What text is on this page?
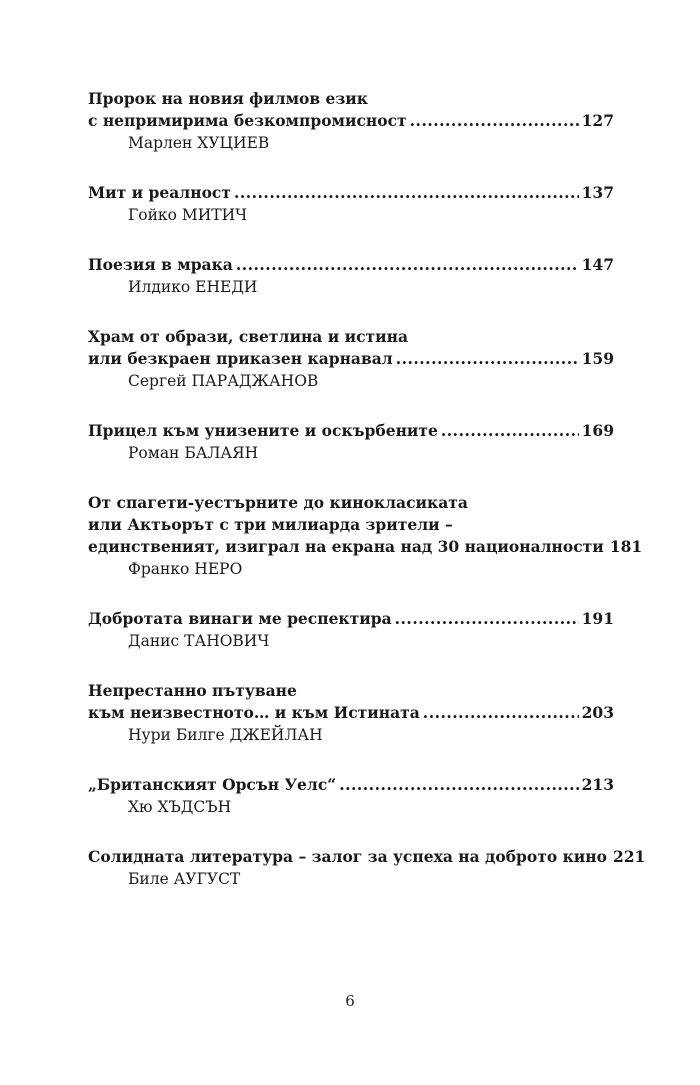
Пророк на новия филмов език
с непримирима безкомпромисност .....	127
Марлен ХУЦИЕВ
Мит и реалност .....	137
Гойко МИТИЧ
Поезия в мрака .....	147
Илдико ЕНЕДИ
Храм от образи, светлина и истина
или безкраен приказен карнавал .....	159
Сергей ПАРАДЖАНОВ
Прицел към унизените и оскърбените .....	169
Роман БАЛАЯН
От спагети-уестърните до кинокласиката
или Актьорът с три милиарда зрители –
единственият, изиграл на екрана над 30 националности 181
Франко НЕРО
Добротата винаги ме респектира .....	191
Данис ТАНОВИЧ
Непрестанно пътуване
към неизвестното… и към Истината .....	203
Нури Билге ДЖЕЙЛАН
„Британският Орсън Уелс“ .....	213
Хю ХЪДСЪН
Солидната литература – залог за успеха на доброто кино 221
Биле АУГУСТ
6
